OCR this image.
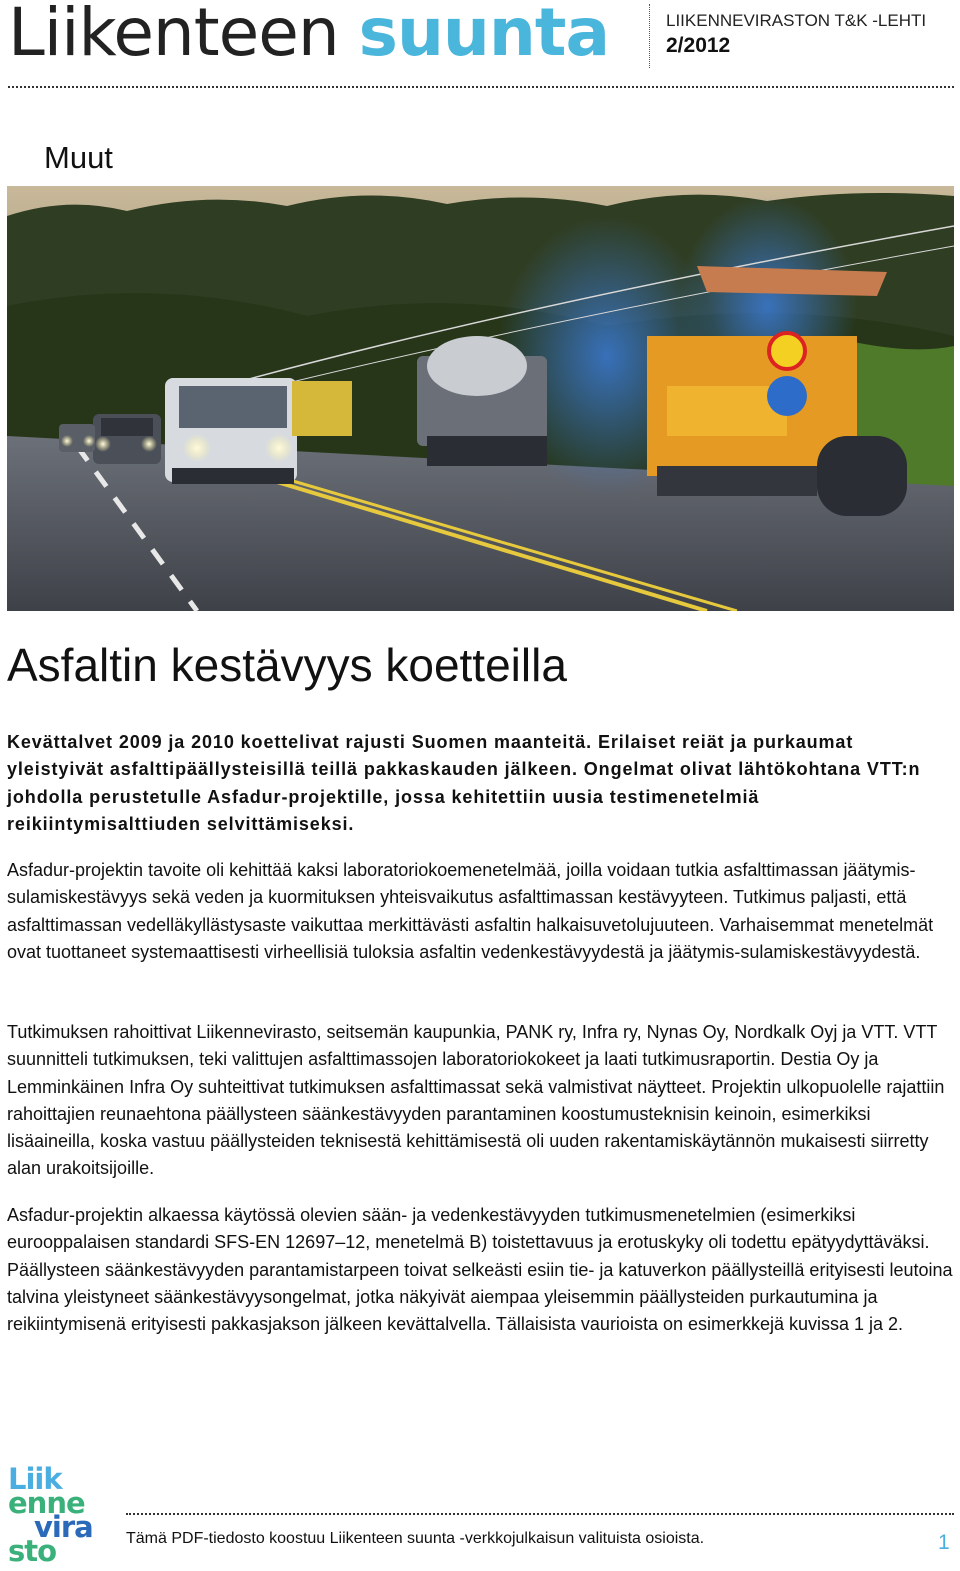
Liikenteen suunta	LIIKENNEVIRASTON T&K -LEHTI
2/2012
Muut
Asfaltin kestävyys koetteilla

Kevättalvet 2009 ja 2010 koettelivat rajusti Suomen maanteitä. Erilaiset reiät ja purkaumat yleistyivät asfalttipäällysteisillä teillä pakkaskauden jälkeen. Ongelmat olivat lähtökohtana VTT:n johdolla perustetulle Asfadur-projektille, jossa kehitettiin uusia testimenetelmiä reikiintymisalttiuden selvittämiseksi.

Asfadur-projektin tavoite oli kehittää kaksi laboratoriokoemenetelmää, joilla voidaan tutkia asfalttimassan jäätymis-sulamiskestävyys sekä veden ja kuormituksen yhteisvaikutus asfalttimassan kestävyyteen. Tutkimus paljasti, että asfalttimassan vedelläkyllästysaste vaikuttaa merkittävästi asfaltin halkaisuvetolujuuteen. Varhaisemmat menetelmät ovat tuottaneet systemaattisesti virheellisiä tuloksia asfaltin vedenkestävyydestä ja jäätymis-sulamiskestävyydestä.

Tutkimuksen rahoittivat Liikennevirasto, seitsemän kaupunkia, PANK ry, Infra ry, Nynas Oy, Nordkalk Oyj ja VTT. VTT suunnitteli tutkimuksen, teki valittujen asfalttimassojen laboratoriokokeet ja laati tutkimusraportin. Destia Oy ja Lemminkäinen Infra Oy suhteittivat tutkimuksen asfalttimassat sekä valmistivat näytteet. Projektin ulkopuolelle rajattiin rahoittajien reunaehtona päällysteen säänkestävyyden parantaminen koostumusteknisin keinoin, esimerkiksi lisäaineilla, koska vastuu päällysteiden teknisestä kehittämisestä oli uuden rakentamiskäytännön mukaisesti siirretty alan urakoitsijoille.

Asfadur-projektin alkaessa käytössä olevien sään- ja vedenkestävyyden tutkimusmenetelmien (esimerkiksi eurooppalaisen standardi SFS-EN 12697–12, menetelmä B) toistettavuus ja erotuskyky oli todettu epätyydyttäväksi. Päällysteen säänkestävyyden parantamistarpeen toivat selkeästi esiin tie- ja katuverkon päällysteillä erityisesti leutoina talvina yleistyneet säänkestävyysongelmat, jotka näkyivät aiempaa yleisemmin päällysteiden purkautumina ja reikiintymisenä erityisesti pakkasjakson jälkeen kevättalvella. Tällaisista vaurioista on esimerkkejä kuvissa 1 ja 2.

Liik
enne
vira
sto	Tämä PDF-tiedosto koostuu Liikenteen suunta -verkkojulkaisun valituista osioista.	1
